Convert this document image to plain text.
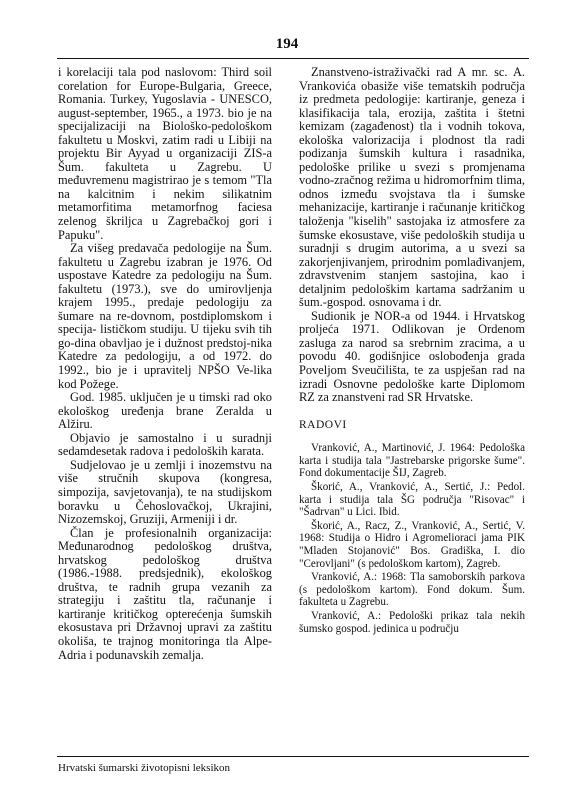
194

i korelaciji tala pod naslovom: Third soil corelation for Europe-Bulgaria, Greece, Romania. Turkey, Yugoslavia - UNESCO, august-september, 1965., a 1973. bio je na specijalizaciji na Biološko-pedološkom fakultetu u Moskvi, zatim radi u Libiji na projektu Bir Ayyad u organizaciji ZIS-a Šum. fakulteta u Zagrebu. U međuvremenu magistrirao je s temom "Tla na kalcitnim i nekim silikatnim metamorfitima metamorfnog faciesa zelenog škriljca u Zagrebačkoj gori i Papuku".

Za višeg predavača pedologije na Šum. fakultetu u Zagrebu izabran je 1976. Od uspostave Katedre za pedologiju na Šum. fakultetu (1973.), sve do umirovljenja krajem 1995., predaje pedologiju za šumare na re-dovnom, postdiplomskom i specija- lističkom studiju. U tijeku svih tih go-dina obavljao je i dužnost predstoj-nika Katedre za pedologiju, a od 1972. do 1992., bio je i upravitelj NPŠO Ve-lika kod Požege.

God. 1985. uključen je u timski rad oko ekološkog uređenja brane Zeralda u Alžiru.

Objavio je samostalno i u suradnji sedamdesetak radova i pedoloških karata.

Sudjelovao je u zemlji i inozemstvu na više stručnih skupova (kongresa, simpozija, savjetovanja), te na studijskom boravku u Čehoslovačkoj, Ukrajini, Nizozemskoj, Gruziji, Armeniji i dr.

Član je profesionalnih organizacija: Međunarodnog pedološkog društva, hrvatskog pedološkog društva (1986.-1988. predsjednik), ekološkog društva, te radnih grupa vezanih za strategiju i zaštitu tla, računanje i kartiranje kritičkog opterećenja šumskih ekosustava pri Državnoj upravi za zaštitu okoliša, te trajnog monitoringa tla Alpe-Adria i podunavskih zemalja.

Znanstveno-istraživački rad A mr. sc. A. Vrankovića obasiže više tematskih područja iz predmeta pedologije: kartiranje, geneza i klasifikacija tala, erozija, zaštita i štetni kemizam (zagađenost) tla i vodnih tokova, ekološka valorizacija i plodnost tla radi podizanja šumskih kultura i rasadnika, pedološke prilike u svezi s promjenama vodno-zračnog režima u hidromorfnim tlima, odnos između svojstava tla i šumske mehanizacije, kartiranje i računanje kritičkog taloženja "kiselih" sastojaka iz atmosfere za šumske ekosustave, više pedoloških studija u suradnji s drugim autorima, a u svezi sa zakorjenjivanjem, prirodnim pomlađivanjem, zdravstvenim stanjem sastojina, kao i detaljnim pedološkim kartama sadržanim u šum.-gospod. osnovama i dr.

Sudionik je NOR-a od 1944. i Hrvatskog proljeća 1971. Odlikovan je Ordenom zasluga za narod sa srebrnim zracima, a u povodu 40. godišnjice oslobođenja grada Poveljom Sveučilišta, te za uspješan rad na izradi Osnovne pedološke karte Diplomom RZ za znanstveni rad SR Hrvatske.

RADOVI

Vranković, A., Martinović, J. 1964: Pedološka karta i studija tala "Jastrebarske prigorske šume". Fond dokumentacije ŠIJ, Zagreb.

Škorić, A., Vranković, A., Sertić, J.: Pedol. karta i studija tala ŠG područja "Risovac" i "Šadrvan" u Lici. Ibid.

Škorić, A., Racz, Z., Vranković, A., Sertić, V. 1968: Studija o Hidro i Agromelioraci jama PIK "Mladen Stojanović" Bos. Gradiška, I. dio "Cerovljani" (s pedološkom kartom), Zagreb.

Vranković, A.: 1968: Tla samoborskih parkova (s pedološkom kartom). Fond dokum. Šum. fakulteta u Zagrebu.

Vranković, A.: Pedološki prikaz tala nekih šumsko gospod. jedinica u području

Hrvatski šumarski životopisni leksikon
